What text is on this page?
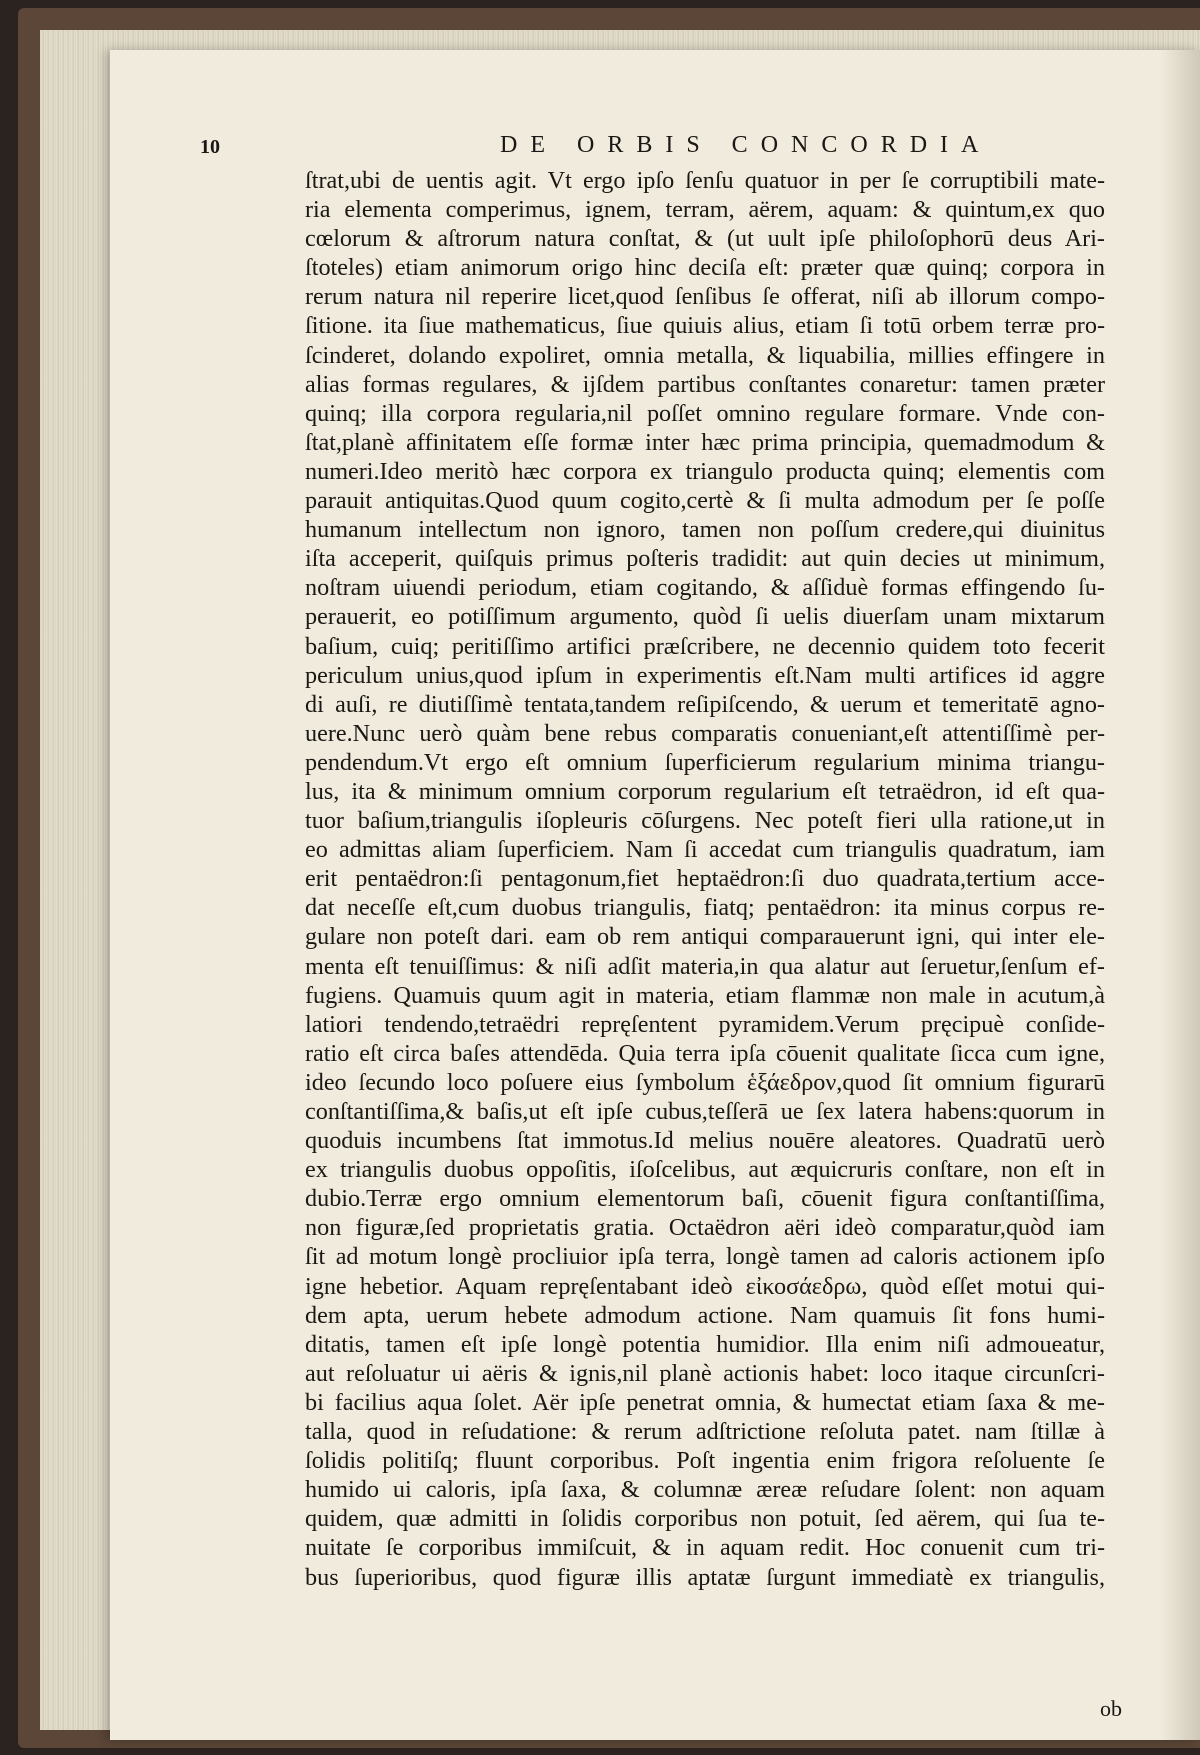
10	DE ORBIS CONCORDIA
ſtrat,ubi de uentis agit. Vt ergo ipſo ſenſu quatuor in per ſe corruptibili mate-
ria elementa comperimus, ignem, terram, aërem, aquam: & quintum,ex quo
cœlorum & aſtrorum natura conſtat, & (ut uult ipſe philoſophorū deus Ari-
ſtoteles) etiam animorum origo hinc deciſa eſt: præter quæ quinq; corpora in
rerum natura nil reperire licet,quod ſenſibus ſe offerat, niſi ab illorum compo-
ſitione. ita ſiue mathematicus, ſiue quiuis alius, etiam ſi totū orbem terræ pro-
ſcinderet, dolando expoliret, omnia metalla, & liquabilia, millies effingere in
alias formas regulares, & ijſdem partibus conſtantes conaretur: tamen præter
quinq; illa corpora regularia,nil poſſet omnino regulare formare. Vnde con-
ſtat,planè affinitatem eſſe formæ inter hæc prima principia, quemadmodum &
numeri.Ideo meritò hæc corpora ex triangulo producta quinq; elementis com
parauit antiquitas.Quod quum cogito,certè & ſi multa admodum per ſe poſſe
humanum intellectum non ignoro, tamen non poſſum credere,qui diuinitus
iſta acceperit, quiſquis primus poſteris tradidit: aut quin decies ut minimum,
noſtram uiuendi periodum, etiam cogitando, & aſſiduè formas effingendo ſu-
perauerit, eo potiſſimum argumento, quòd ſi uelis diuerſam unam mixtarum
baſium, cuiq; peritiſſimo artifici præſcribere, ne decennio quidem toto fecerit
periculum unius,quod ipſum in experimentis eſt.Nam multi artifices id aggre
di auſi, re diutiſſimè tentata,tandem reſipiſcendo, & uerum et temeritatē agno-
uere.Nunc uerò quàm bene rebus comparatis conueniant,eſt attentiſſimè per-
pendendum.Vt ergo eſt omnium ſuperficierum regularium minima triangu-
lus, ita & minimum omnium corporum regularium eſt tetraëdron, id eſt qua-
tuor baſium,triangulis iſopleuris cōſurgens. Nec poteſt fieri ulla ratione,ut in
eo admittas aliam ſuperficiem. Nam ſi accedat cum triangulis quadratum, iam
erit pentaëdron:ſi pentagonum,fiet heptaëdron:ſi duo quadrata,tertium acce-
dat neceſſe eſt,cum duobus triangulis, fiatq; pentaëdron: ita minus corpus re-
gulare non poteſt dari. eam ob rem antiqui comparauerunt igni, qui inter ele-
menta eſt tenuiſſimus: & niſi adſit materia,in qua alatur aut ſeruetur,ſenſum ef-
fugiens. Quamuis quum agit in materia, etiam flammæ non male in acutum,à
latiori tendendo,tetraëdri repręſentent pyramidem.Verum pręcipuè conſide-
ratio eſt circa baſes attendēda. Quia terra ipſa cōuenit qualitate ſicca cum igne,
ideo ſecundo loco poſuere eius ſymbolum ἑξάεδρον,quod ſit omnium figurarū
conſtantiſſima,& baſis,ut eſt ipſe cubus,teſſerā ue ſex latera habens:quorum in
quoduis incumbens ſtat immotus.Id melius nouēre aleatores. Quadratū uerò
ex triangulis duobus oppoſitis, iſoſcelibus, aut æquicruris conſtare, non eſt in
dubio.Terræ ergo omnium elementorum baſi, cōuenit figura conſtantiſſima,
non figuræ,ſed proprietatis gratia. Octaëdron aëri ideò comparatur,quòd iam
ſit ad motum longè procliuior ipſa terra, longè tamen ad caloris actionem ipſo
igne hebetior. Aquam repręſentabant ideò εἰκοσάεδρω, quòd eſſet motui qui-
dem apta, uerum hebete admodum actione. Nam quamuis ſit fons humi-
ditatis, tamen eſt ipſe longè potentia humidior. Illa enim niſi admoueatur,
aut reſoluatur ui aëris & ignis,nil planè actionis habet: loco itaque circunſcri-
bi facilius aqua ſolet. Aër ipſe penetrat omnia, & humectat etiam ſaxa & me-
talla, quod in reſudatione: & rerum adſtrictione reſoluta patet. nam ſtillæ à
ſolidis politiſq; fluunt corporibus. Poſt ingentia enim frigora reſoluente ſe
humido ui caloris, ipſa ſaxa, & columnæ æreæ reſudare ſolent: non aquam
quidem, quæ admitti in ſolidis corporibus non potuit, ſed aërem, qui ſua te-
nuitate ſe corporibus immiſcuit, & in aquam redit. Hoc conuenit cum tri-
bus ſuperioribus, quod figuræ illis aptatæ ſurgunt immediatè ex triangulis,
ob
